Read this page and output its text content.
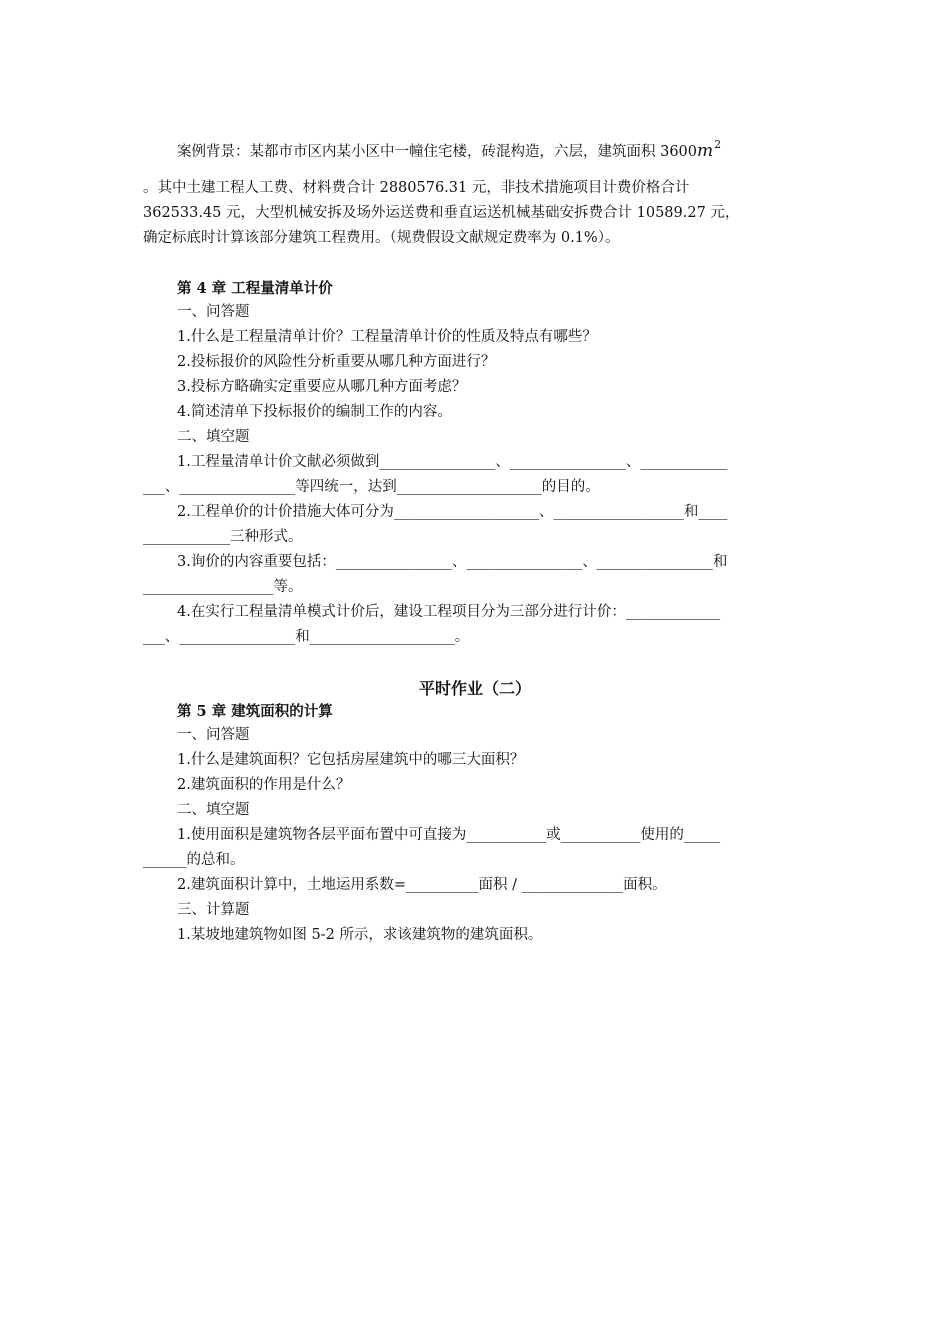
案例背景：某都市市区内某小区中一幢住宅楼，砖混构造，六层，建筑面积 $3600m^2$
。其中土建工程人工费、材料费合计 2880576.31 元，非技术措施项目计费价格合计
362533.45 元，大型机械安拆及场外运送费和垂直运送机械基础安拆费合计 10589.27 元，
确定标底时计算该部分建筑工程费用。（规费假设文献规定费率为 0.1%）。
第 4 章 工程量清单计价
一、问答题
1.什么是工程量清单计价？工程量清单计价的性质及特点有哪些？
2.投标报价的风险性分析重要从哪几种方面进行？
3.投标方略确实定重要应从哪几种方面考虑？
4.简述清单下投标报价的编制工作的内容。
二、填空题
1.工程量清单计价文献必须做到________________、________________、____________
___、________________等四统一，达到____________________的目的。
2.工程单价的计价措施大体可分为____________________、__________________和____
____________三种形式。
3.询价的内容重要包括：________________、________________、________________和
__________________等。
4.在实行工程量清单模式计价后，建设工程项目分为三部分进行计价：_____________
___、________________和____________________。
平时作业（二）
第 5 章 建筑面积的计算
一、问答题
1.什么是建筑面积？它包括房屋建筑中的哪三大面积？
2.建筑面积的作用是什么？
二、填空题
1.使用面积是建筑物各层平面布置中可直接为___________或___________使用的_____
______的总和。
2.建筑面积计算中，土地运用系数=__________面积 / ______________面积。
三、计算题
1.某坡地建筑物如图 5-2 所示，求该建筑物的建筑面积。
